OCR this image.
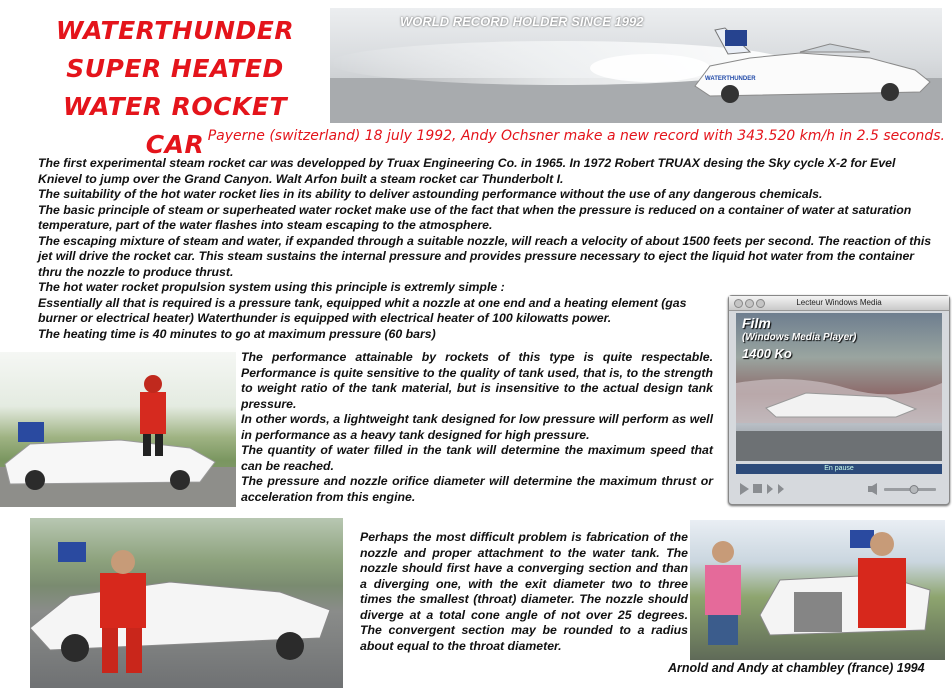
WATERTHUNDER
SUPER HEATED
WATER ROCKET CAR
WATERTHUNDER
WORLD RECORD HOLDER SINCE 1992
Payerne (switzerland) 18 july 1992, Andy Ochsner make a new record with 343.520 km/h in 2.5 seconds.
The first experimental steam rocket car was developped by Truax Engineering Co. in 1965. In 1972 Robert TRUAX desing the Sky cycle X-2 for Evel Knievel to jump over the Grand Canyon. Walt Arfon built a steam rocket car Thunderbolt I.
The suitability of the hot water rocket lies in its ability to deliver astounding performance without the use of any dangerous chemicals.
The basic principle of steam or superheated water rocket make use of the fact that when the pressure is reduced on a container of water at saturation temperature, part of the water flashes into steam escaping to the atmosphere.
The escaping mixture of steam and water, if expanded through a suitable nozzle, will reach a velocity of about 1500 feets per second. The reaction of this jet will drive the rocket car. This steam sustains the internal pressure and provides pressure necessary to eject the liquid hot water from the container thru the nozzle to produce thrust.
The hot water rocket propulsion system using this principle is extremly simple :
Essentially all that is required is a pressure tank, equipped whit a nozzle at one end and a heating element (gas burner or electrical heater) Waterthunder is equipped with electrical heater of 100 kilowatts power.
The heating time is 40 minutes to go at maximum pressure (60 bars)
Lecteur Windows Media
Film
(Windows Media Player)
1400 Ko
En pause
The performance attainable by rockets of this type is quite respectable. Performance is quite sensitive to the quality of tank used, that is, to the strength to weight ratio of the tank material, but is insensitive to the actual design tank pressure.
In other words, a lightweight tank designed for low pressure will perform as well in performance as a heavy tank designed for high pressure.
The quantity of water filled in the tank will determine the maximum speed that can be reached.
The pressure and nozzle orifice diameter will determine the maximum thrust or acceleration from this engine.
Perhaps the most difficult problem is fabrication of the nozzle and proper attachment to the water tank. The nozzle should first have a converging section and than a diverging one, with the exit diameter two to three times the smallest (throat) diameter. The nozzle should diverge at a total cone angle of not over 25 degrees. The convergent section may be rounded to a radius about equal to the throat diameter.
Arnold and Andy at chambley (france) 1994
